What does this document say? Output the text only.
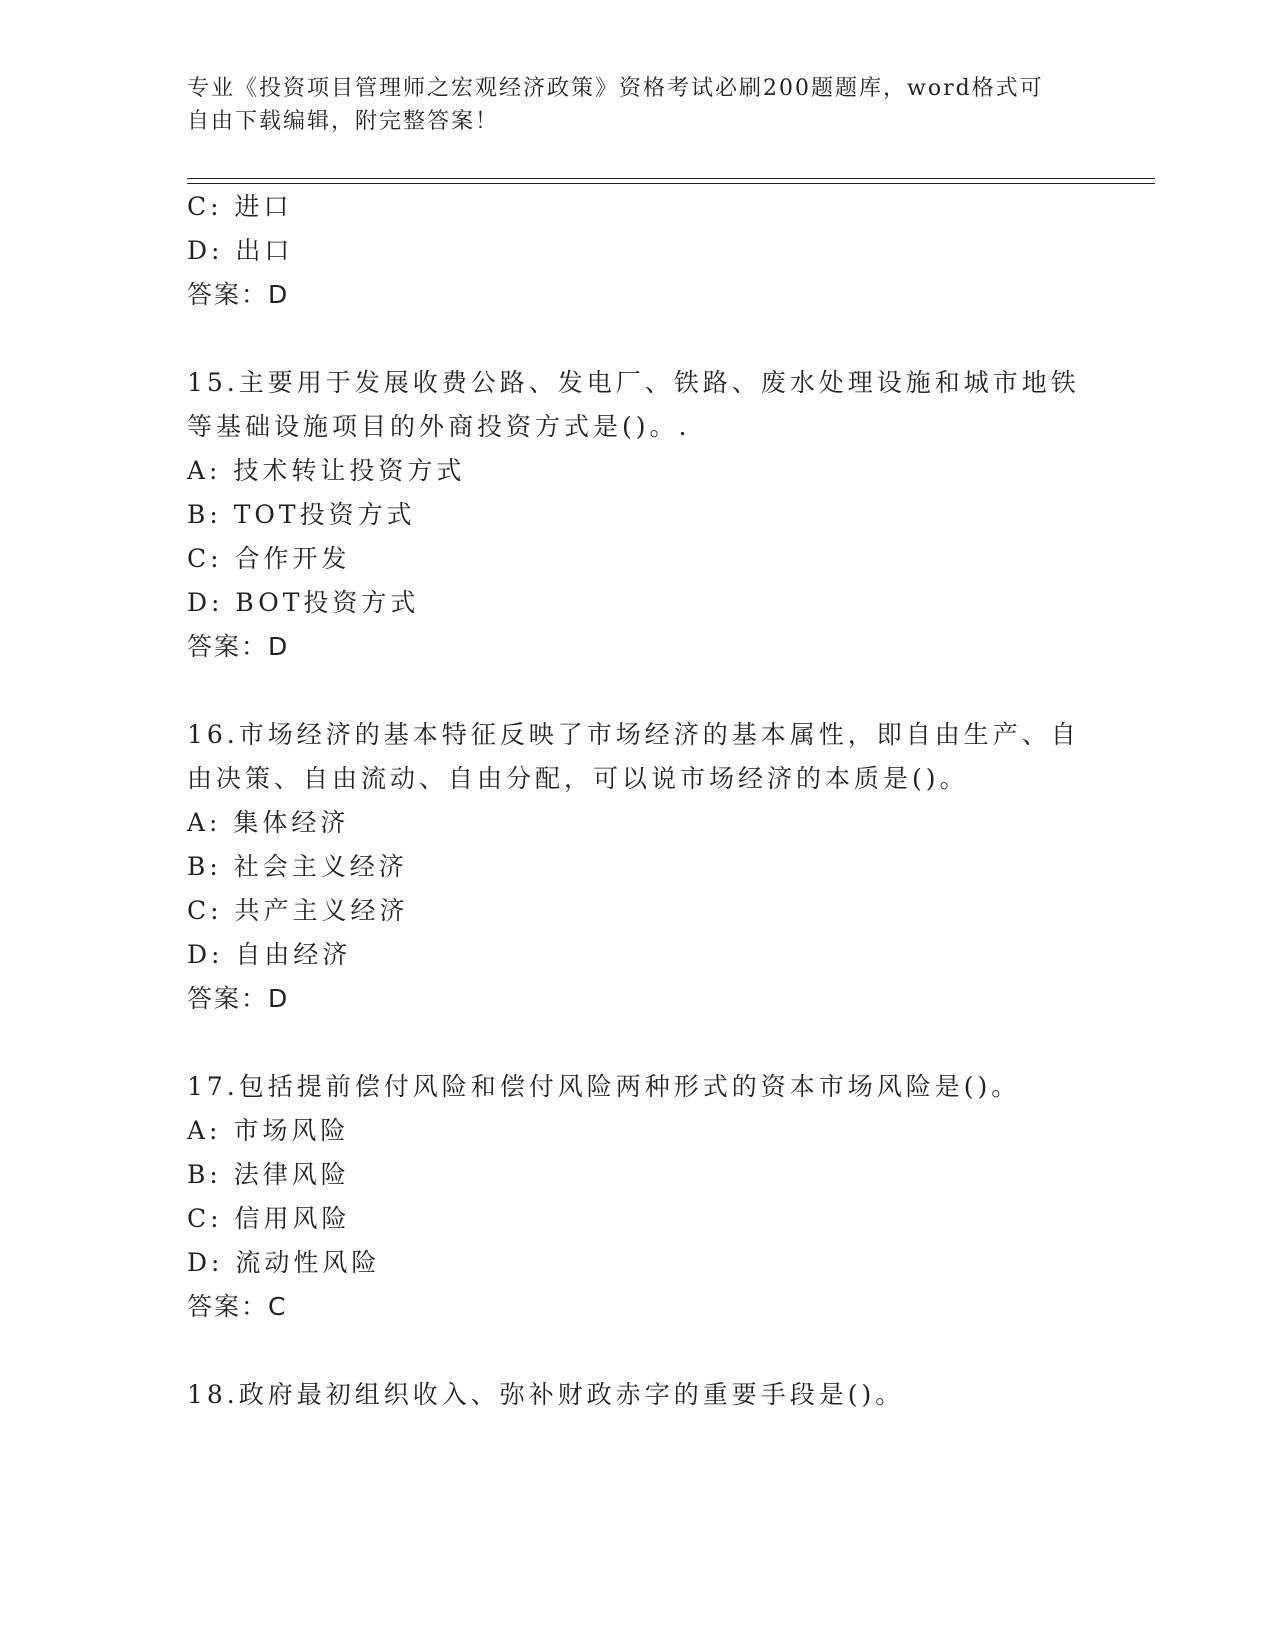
专业《投资项目管理师之宏观经济政策》资格考试必刷200题题库，word格式可
自由下载编辑，附完整答案！
C: 进口
D: 出口
答案：D
15.主要用于发展收费公路、发电厂、铁路、废水处理设施和城市地铁
等基础设施项目的外商投资方式是()。.
A: 技术转让投资方式
B: TOT投资方式
C: 合作开发
D: BOT投资方式
答案：D
16.市场经济的基本特征反映了市场经济的基本属性，即自由生产、自
由决策、自由流动、自由分配，可以说市场经济的本质是()。
A: 集体经济
B: 社会主义经济
C: 共产主义经济
D: 自由经济
答案：D
17.包括提前偿付风险和偿付风险两种形式的资本市场风险是()。
A: 市场风险
B: 法律风险
C: 信用风险
D: 流动性风险
答案：C
18.政府最初组织收入、弥补财政赤字的重要手段是()。
